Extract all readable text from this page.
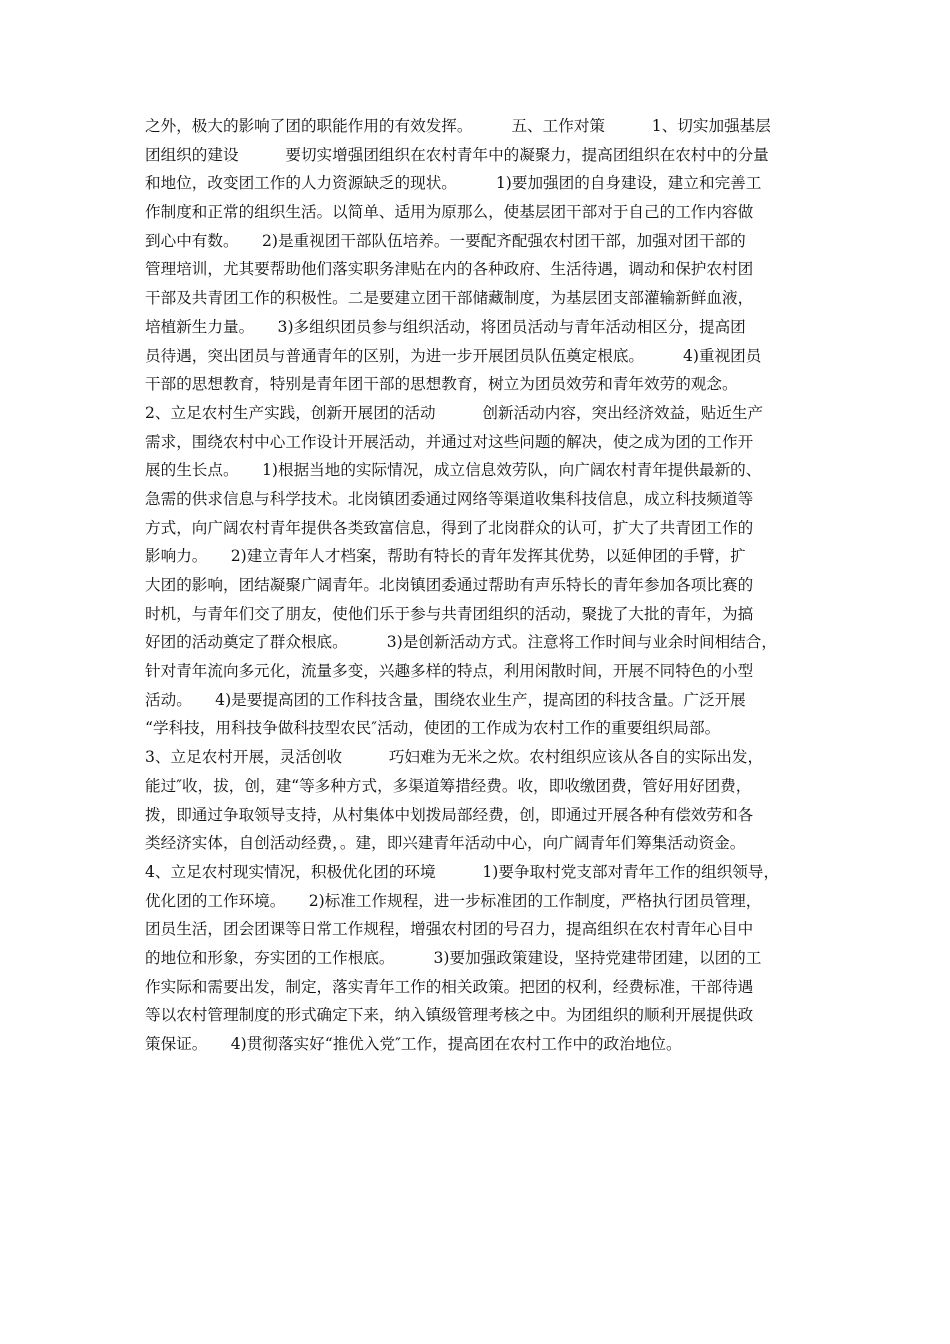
之外，极大的影响了团的职能作用的有效发挥。　　　五、工作对策　　　1、切实加强基层
团组织的建设　　　要切实增强团组织在农村青年中的凝聚力，提高团组织在农村中的分量
和地位，改变团工作的人力资源缺乏的现状。　　　1)要加强团的自身建设，建立和完善工
作制度和正常的组织生活。以简单、适用为原那么，使基层团干部对于自己的工作内容做
到心中有数。　　2)是重视团干部队伍培养。一要配齐配强农村团干部，加强对团干部的
管理培训，尤其要帮助他们落实职务津贴在内的各种政府、生活待遇，调动和保护农村团
干部及共青团工作的积极性。二是要建立团干部储藏制度，为基层团支部灌输新鲜血液，
培植新生力量。　　3)多组织团员参与组织活动，将团员活动与青年活动相区分，提高团
员待遇，突出团员与普通青年的区别，为进一步开展团员队伍奠定根底。　　　4)重视团员
干部的思想教育，特别是青年团干部的思想教育，树立为团员效劳和青年效劳的观念。
2、立足农村生产实践，创新开展团的活动　　　创新活动内容，突出经济效益，贴近生产
需求，围绕农村中心工作设计开展活动，并通过对这些问题的解决，使之成为团的工作开
展的生长点。　　1)根据当地的实际情况，成立信息效劳队，向广阔农村青年提供最新的、
急需的供求信息与科学技术。北岗镇团委通过网络等渠道收集科技信息，成立科技频道等
方式，向广阔农村青年提供各类致富信息，得到了北岗群众的认可，扩大了共青团工作的
影响力。　　2)建立青年人才档案，帮助有特长的青年发挥其优势，以延伸团的手臂，扩
大团的影响，团结凝聚广阔青年。北岗镇团委通过帮助有声乐特长的青年参加各项比赛的
时机，与青年们交了朋友，使他们乐于参与共青团组织的活动，聚拢了大批的青年，为搞
好团的活动奠定了群众根底。　　　3)是创新活动方式。注意将工作时间与业余时间相结合，
针对青年流向多元化，流量多变，兴趣多样的特点，利用闲散时间，开展不同特色的小型
活动。　　4)是要提高团的工作科技含量，围绕农业生产，提高团的科技含量。广泛开展
“学科技，用科技争做科技型农民″活动，使团的工作成为农村工作的重要组织局部。
3、立足农村开展，灵活创收　　　巧妇难为无米之炊。农村组织应该从各自的实际出发，
能过″收，拔，创，建“等多种方式，多渠道筹措经费。收，即收缴团费，管好用好团费，
拨，即通过争取领导支持，从村集体中划拨局部经费，创，即通过开展各种有偿效劳和各
类经济实体，自创活动经费，。建，即兴建青年活动中心，向广阔青年们筹集活动资金。
4、立足农村现实情况，积极优化团的环境　　　1)要争取村党支部对青年工作的组织领导，
优化团的工作环境。　　2)标准工作规程，进一步标准团的工作制度，严格执行团员管理，
团员生活，团会团课等日常工作规程，增强农村团的号召力，提高组织在农村青年心目中
的地位和形象，夯实团的工作根底。　　　3)要加强政策建设，坚持党建带团建，以团的工
作实际和需要出发，制定，落实青年工作的相关政策。把团的权利，经费标准，干部待遇
等以农村管理制度的形式确定下来，纳入镇级管理考核之中。为团组织的顺利开展提供政
策保证。　　4)贯彻落实好“推优入党″工作，提高团在农村工作中的政治地位。
